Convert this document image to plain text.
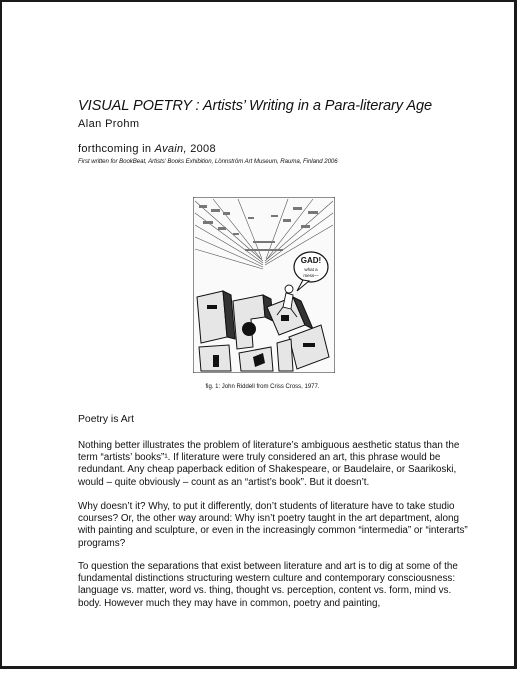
VISUAL POETRY : Artists’ Writing in a Para-literary Age
Alan Prohm
forthcoming in Avain, 2008
First written for BookBeat, Artists’ Books Exhibition, Lönnström Art Museum, Rauma, Finland 2006
GAD!
what a
mess—
fig. 1: John Riddell from Criss Cross, 1977.
Poetry is Art

Nothing better illustrates the problem of literature’s ambiguous aesthetic status than the term “artists’ books”¹. If literature were truly considered an art, this phrase would be redundant. Any cheap paperback edition of Shakespeare, or Baudelaire, or Saarikoski, would – quite obviously – count as an “artist’s book”. But it doesn’t.

Why doesn’t it? Why, to put it differently, don’t students of literature have to take studio courses? Or, the other way around: Why isn’t poetry taught in the art department, along with painting and sculpture, or even in the increasingly common “intermedia” or “interarts” programs?

To question the separations that exist between literature and art is to dig at some of the fundamental distinctions structuring western culture and contemporary consciousness: language vs. matter, word vs. thing, thought vs. perception, content vs. form, mind vs. body. However much they may have in common, poetry and painting,
